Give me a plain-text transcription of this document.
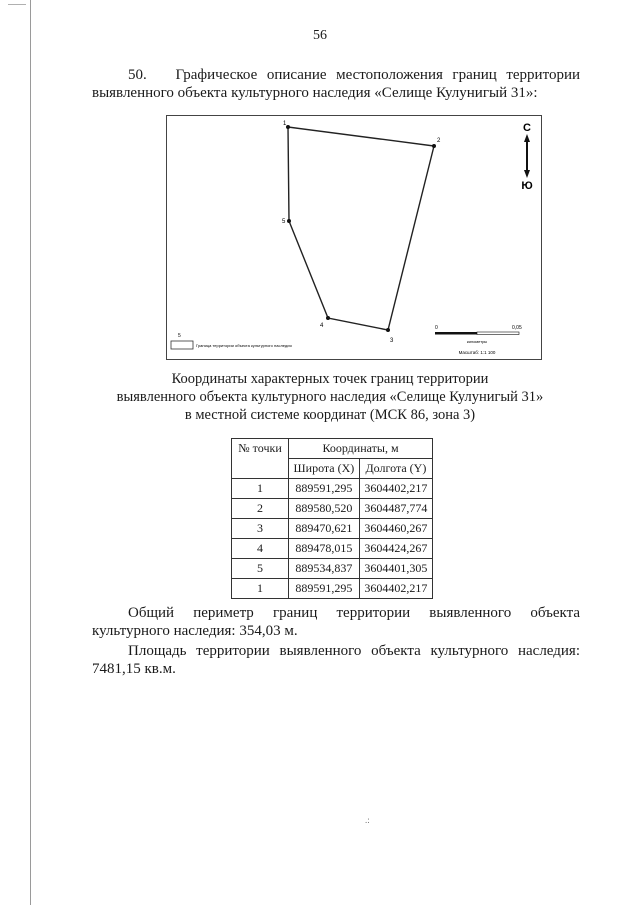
56
50. Графическое описание местоположения границ территории выявленного объекта культурного наследия «Селище Кулунигый 31»:
1
2
3
4
5
С
Ю
5
Граница территории объекта культурного наследия
0	0,05
километры
Масштаб: 1:1 100
Координаты характерных точек границ территории
выявленного объекта культурного наследия «Селище Кулунигый 31»
в местной системе координат (МСК 86, зона 3)
№ точки	Координаты, м	
	Широта (X)	Долгота (Y)
1	889591,295	3604402,217
2	889580,520	3604487,774
3	889470,621	3604460,267
4	889478,015	3604424,267
5	889534,837	3604401,305
1	889591,295	3604402,217
Общий периметр границ территории выявленного объекта культурного наследия: 354,03 м.
Площадь территории выявленного объекта культурного наследия: 7481,15 кв.м.
.:
